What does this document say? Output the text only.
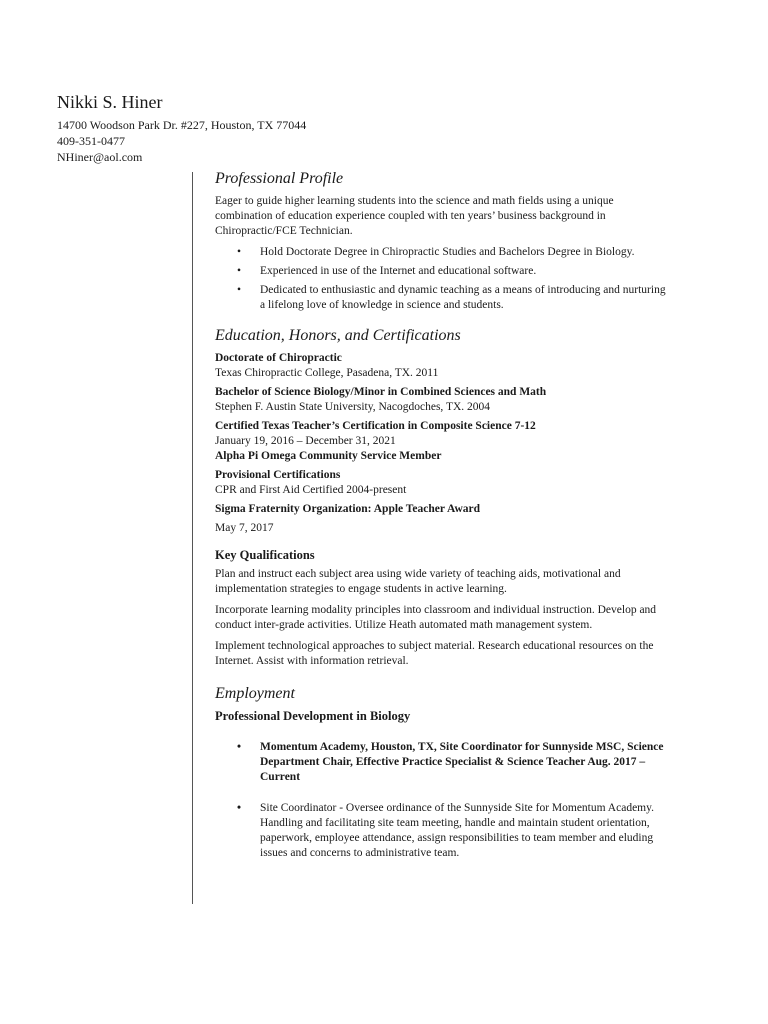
Nikki S. Hiner

14700 Woodson Park Dr. #227, Houston, TX 77044

409-351-0477

NHiner@aol.com

Professional Profile

Eager to guide higher learning students into the science and math fields using a unique combination of education experience coupled with ten years’ business background in Chiropractic/FCE Technician.

• Hold Doctorate Degree in Chiropractic Studies and Bachelors Degree in Biology.
• Experienced in use of the Internet and educational software.
• Dedicated to enthusiastic and dynamic teaching as a means of introducing and nurturing a lifelong love of knowledge in science and students.
Education, Honors, and Certifications

Doctorate of Chiropractic

Texas Chiropractic College, Pasadena, TX. 2011

Bachelor of Science Biology/Minor in Combined Sciences and Math

Stephen F. Austin State University, Nacogdoches, TX. 2004

Certified Texas Teacher’s Certification in Composite Science 7-12

January 19, 2016 – December 31, 2021

Alpha Pi Omega Community Service Member

Provisional Certifications

CPR and First Aid Certified 2004-present

Sigma Fraternity Organization: Apple Teacher Award

May 7, 2017

Key Qualifications

Plan and instruct each subject area using wide variety of teaching aids, motivational and implementation strategies to engage students in active learning.

Incorporate learning modality principles into classroom and individual instruction. Develop and conduct inter-grade activities. Utilize Heath automated math management system.

Implement technological approaches to subject material. Research educational resources on the Internet. Assist with information retrieval.

Employment
Professional Development in Biology
• Momentum Academy, Houston, TX, Site Coordinator for Sunnyside MSC, Science Department Chair, Effective Practice Specialist & Science Teacher Aug. 2017 – Current
• Site Coordinator - Oversee ordinance of the Sunnyside Site for Momentum Academy. Handling and facilitating site team meeting, handle and maintain student orientation, paperwork, employee attendance, assign responsibilities to team member and eluding issues and concerns to administrative team.
